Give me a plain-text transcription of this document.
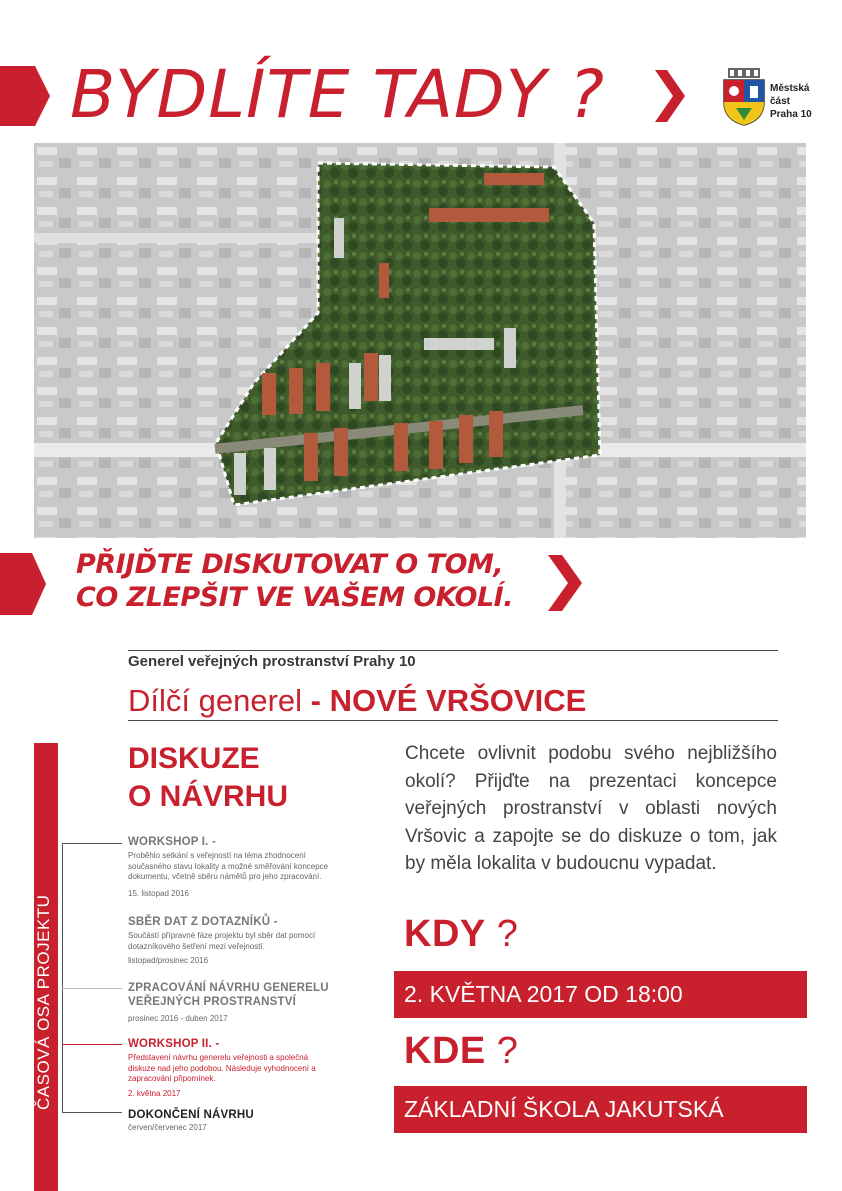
BYDLÍTE TADY ?	Městská
část
Praha 10
PŘIJĎTE DISKUTOVAT O TOM,
CO ZLEPŠIT VE VAŠEM OKOLÍ.
Generel veřejných prostranství Prahy 10
Dílčí generel - NOVÉ VRŠOVICE
ČASOVÁ OSA PROJEKTU
DISKUZE
O NÁVRHU
WORKSHOP I. -
Proběhlo setkání s veřejností na téma zhodnocení současného stavu lokality a možné směřování koncepce dokumentu, včetně sběru námětů pro jeho zpracování.
15. listopad 2016
SBĚR DAT Z DOTAZNÍKŮ -
Součástí přípravné fáze projektu byl sběr dat pomocí dotazníkového šetření mezi veřejností.
listopad/prosinec 2016
ZPRACOVÁNÍ NÁVRHU GENERELU VEŘEJNÝCH PROSTRANSTVÍ
prosinec 2016 - duben 2017
WORKSHOP II. -
Představení návrhu generelu veřejnosti a společná diskuze nad jeho podobou. Následuje vyhodnocení a zapracování připomínek.
2. května 2017
DOKONČENÍ NÁVRHU
červen/červenec 2017
Chcete ovlivnit podobu svého nejbližšího okolí? Přijďte na prezentaci koncepce veřejných prostranství v oblasti nových Vršovic a zapojte se do diskuze o tom, jak by měla lokalita v budoucnu vypadat.
KDY ?
2. KVĚTNA 2017 OD 18:00
KDE ?
ZÁKLADNÍ ŠKOLA JAKUTSKÁ
